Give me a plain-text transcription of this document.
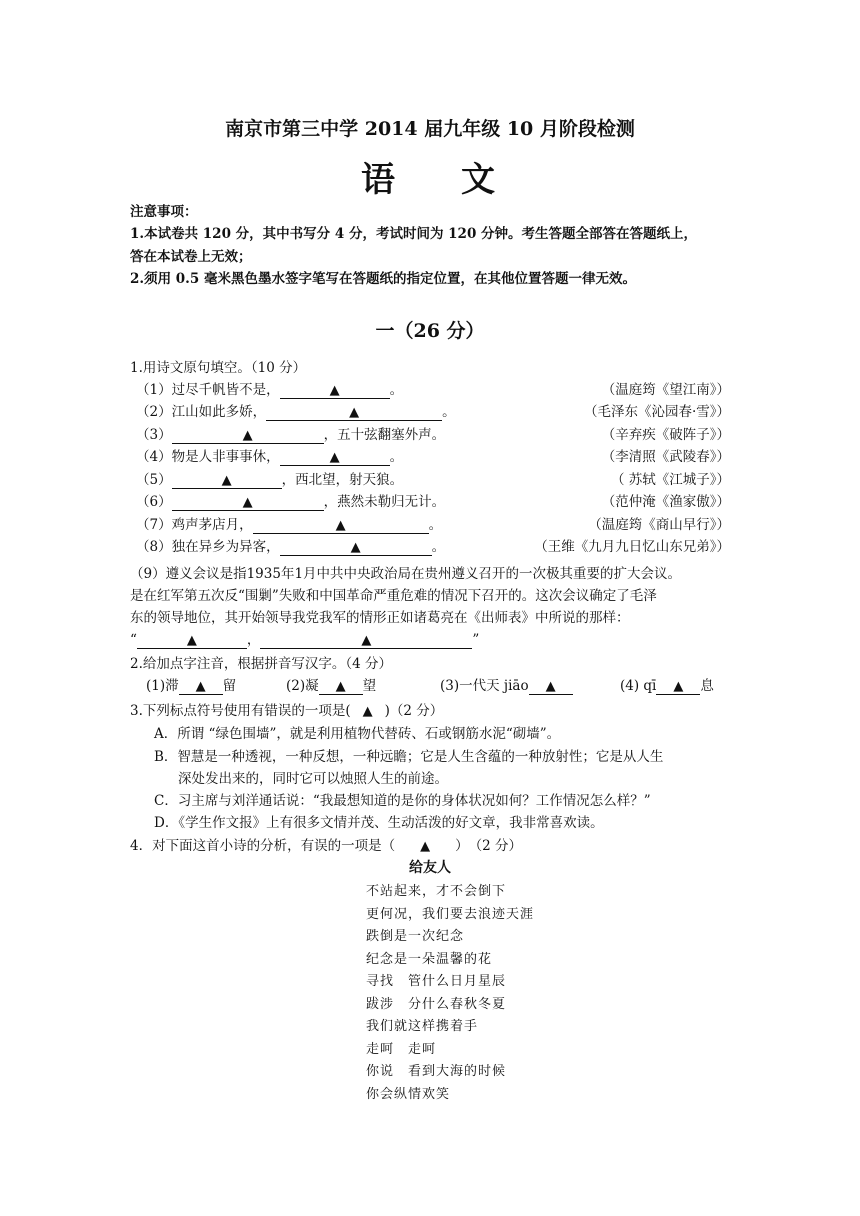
南京市第三中学 2014 届九年级 10 月阶段检测
语 文
注意事项：
1.本试卷共 120 分，其中书写分 4 分，考试时间为 120 分钟。考生答题全部答在答题纸上，
答在本试卷上无效；
2.须用 0.5 毫米黑色墨水签字笔写在答题纸的指定位置，在其他位置答题一律无效。
一（26 分）
1.用诗文原句填空。（10 分）
（1）过尽千帆皆不是，	▲	。	（温庭筠《望江南》）
（2）江山如此多娇，	▲	。	（毛泽东《沁园春·雪》）
（3）	▲	，五十弦翻塞外声。	（辛弃疾《破阵子》）
（4）物是人非事事休，	▲	。	（李清照《武陵春》）
（5）	▲	，西北望，射天狼。	（ 苏轼《江城子》）
（6）	▲	，燕然未勒归无计。	（范仲淹《渔家傲》）
（7）鸡声茅店月，	▲	。	（温庭筠《商山早行》）
（8）独在异乡为异客，	▲	。	（王维《九月九日忆山东兄弟》）
（9）遵义会议是指1935年1月中共中央政治局在贵州遵义召开的一次极其重要的扩大会议。
是在红军第五次反“围剿”失败和中国革命严重危难的情况下召开的。这次会议确定了毛泽
东的领导地位，其开始领导我党我军的情形正如诸葛亮在《出师表》中所说的那样：
“	▲	，	▲	”
2.给加点字注音，根据拼音写汉字。（4 分）
(1)滞 ▲ 留	(2)凝 ▲ 望	(3)一代天 jiāo ▲	(4) qī ▲ 息
3.下列标点符号使用有错误的一项是( ▲ )（2 分）
A．所谓 “绿色围墙”，就是利用植物代替砖、石或钢筋水泥“砌墙”。
B．智慧是一种透视，一种反想，一种远瞻；它是人生含蕴的一种放射性；它是从人生
深处发出来的，同时它可以烛照人生的前途。
C．习主席与刘洋通话说：“我最想知道的是你的身体状况如何？工作情况怎么样？”
D．《学生作文报》上有很多文情并茂、生动活泼的好文章，我非常喜欢读。
4．对下面这首小诗的分析，有误的一项是（ ▲ ）　（2 分）
给友人
不站起来，才不会倒下
更何况，我们要去浪迹天涯
跌倒是一次纪念
纪念是一朵温馨的花
寻找　管什么日月星辰
跋涉　分什么春秋冬夏
我们就这样携着手
走呵　走呵
你说　看到大海的时候
你会纵情欢笑
